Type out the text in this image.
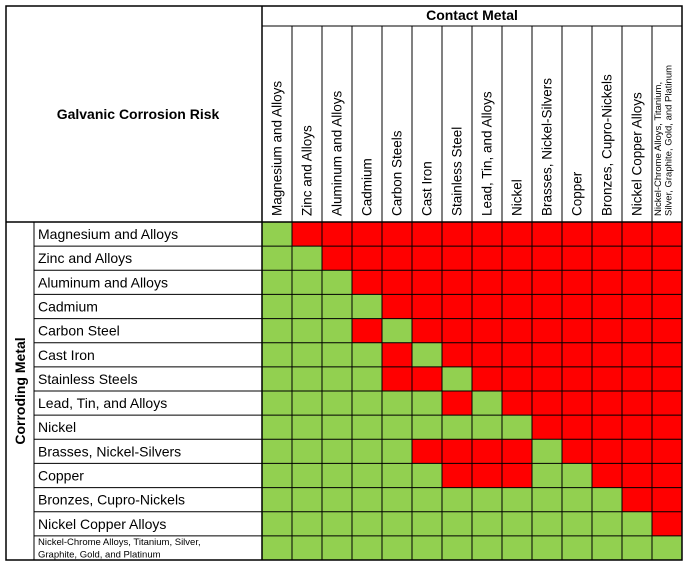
Galvanic Corrosion Risk
Contact Metal
Corroding Metal
Magnesium and Alloys Zinc and Alloys Aluminum and Alloys Cadmium Carbon Steels Cast Iron Stainless Steel Lead, Tin, and Alloys Nickel Brasses, Nickel-Silvers Copper Bronzes, Cupro-Nickels Nickel Copper Alloys Nickel-Chrome Alloys, Titanium, Silver, Graphite, Gold, and Platinum
Magnesium and Alloys
Zinc and Alloys
Aluminum and Alloys
Cadmium
Carbon Steel
Cast Iron
Stainless Steels
Lead, Tin, and Alloys
Nickel
Brasses, Nickel-Silvers
Copper
Bronzes, Cupro-Nickels
Nickel Copper Alloys
Nickel-Chrome Alloys, Titanium, Silver,
Graphite, Gold, and Platinum
